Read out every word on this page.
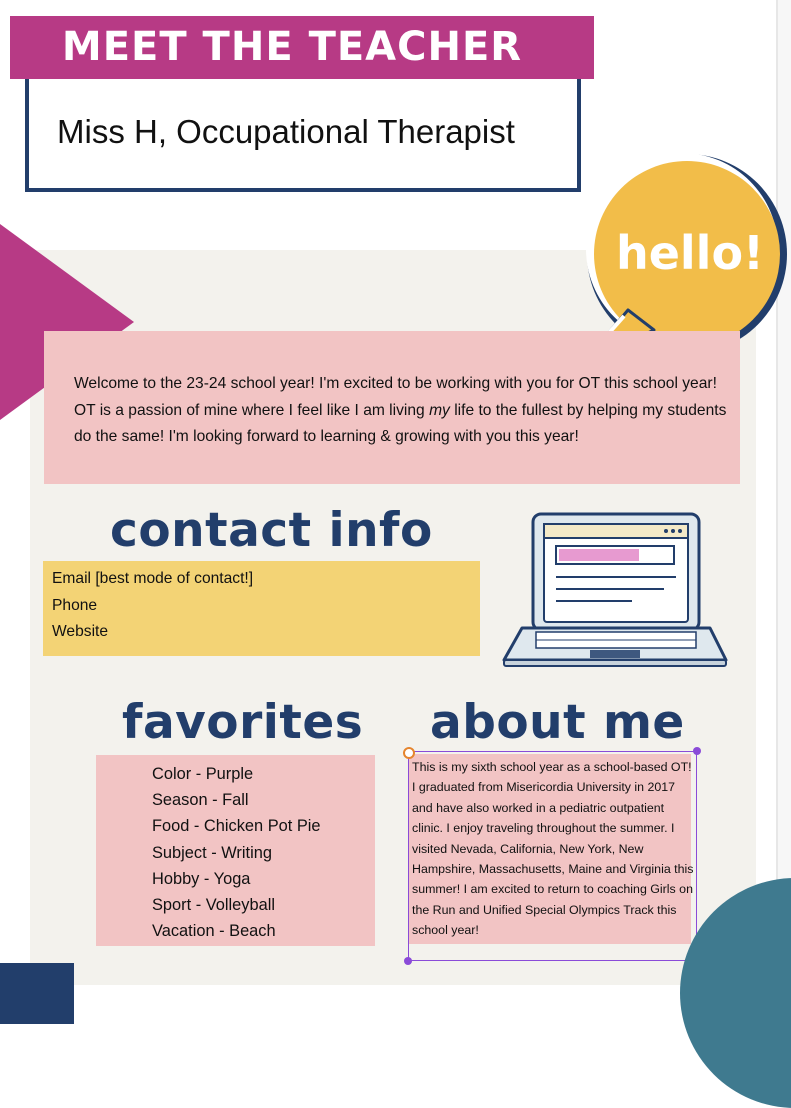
MEET THE TEACHER
Miss H, Occupational Therapist
hello!
Welcome to the 23-24 school year! I'm excited to be working with you for OT this school year! OT is a passion of mine where I feel like I am living my life to the fullest by helping my students do the same! I'm looking forward to learning & growing with you this year!
contact info
Email [best mode of contact!]
Phone
Website
favorites about me
Color - Purple
Season - Fall
Food - Chicken Pot Pie
Subject - Writing
Hobby - Yoga
Sport - Volleyball
Vacation - Beach
This is my sixth school year as a school-based OT! I graduated from Misericordia University in 2017 and have also worked in a pediatric outpatient clinic. I enjoy traveling throughout the summer. I visited Nevada, California, New York, New Hampshire, Massachusetts, Maine and Virginia this summer! I am excited to return to coaching Girls on the Run and Unified Special Olympics Track this school year!
